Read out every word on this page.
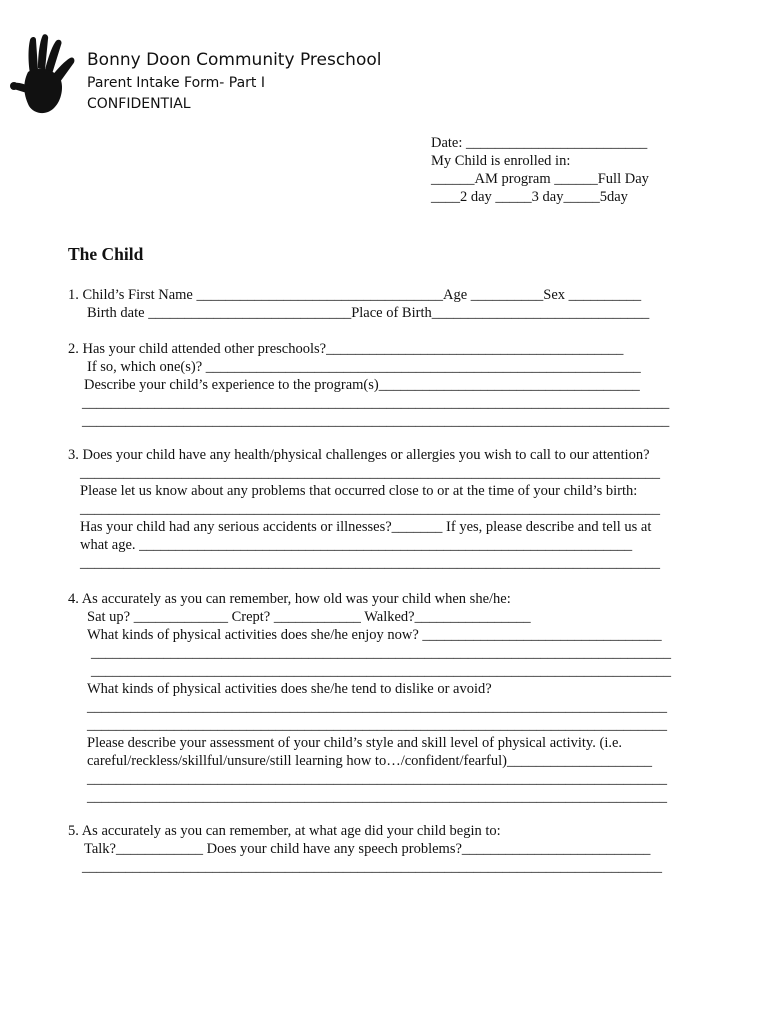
Bonny Doon Community Preschool
Parent Intake Form- Part I
CONFIDENTIAL
Date: _________________________
My Child is enrolled in:
______AM program ______Full Day
____2 day _____3 day_____5day
The Child
1. Child’s First Name __________________________________Age __________Sex __________
Birth date ____________________________Place of Birth______________________________
2. Has your child attended other preschools?_________________________________________
If so, which one(s)? ____________________________________________________________
Describe your child’s experience to the program(s)____________________________________
_________________________________________________________________________________
_________________________________________________________________________________
3. Does your child have any health/physical challenges or allergies you wish to call to our attention?
________________________________________________________________________________
Please let us know about any problems that occurred close to or at the time of your child’s birth:
________________________________________________________________________________
Has your child had any serious accidents or illnesses?_______ If yes, please describe and tell us at
what age. ____________________________________________________________________
________________________________________________________________________________
4. As accurately as you can remember, how old was your child when she/he:
Sat up? _____________ Crept? ____________ Walked?________________
What kinds of physical activities does she/he enjoy now? _________________________________
________________________________________________________________________________
________________________________________________________________________________
What kinds of physical activities does she/he tend to dislike or avoid?
________________________________________________________________________________
________________________________________________________________________________
Please describe your assessment of your child’s style and skill level of physical activity. (i.e.
careful/reckless/skillful/unsure/still learning how to…/confident/fearful)____________________
________________________________________________________________________________
________________________________________________________________________________
5. As accurately as you can remember, at what age did your child begin to:
Talk?____________ Does your child have any speech problems?__________________________
________________________________________________________________________________
